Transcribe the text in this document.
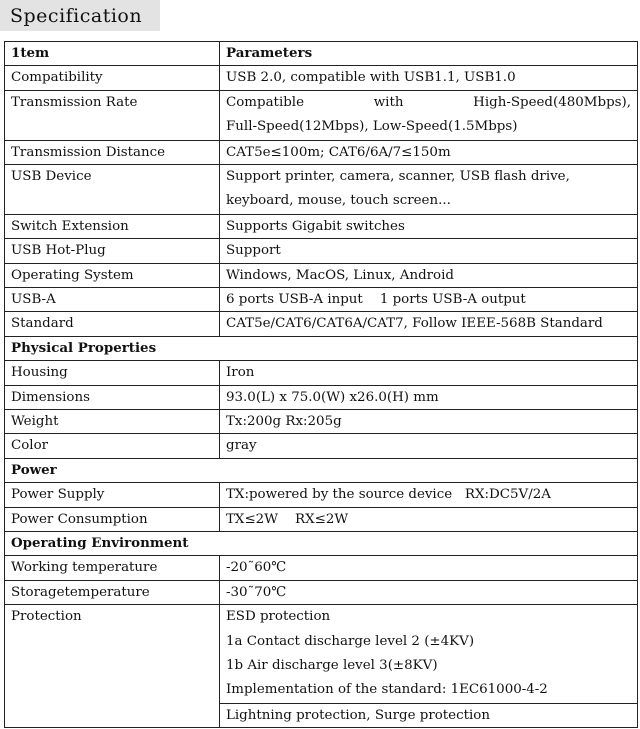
Specification
1tem	Parameters
Compatibility	USB 2.0, compatible with USB1.1, USB1.0
Transmission Rate	Compatible with High-Speed(480Mbps),
Full-Speed(12Mbps), Low-Speed(1.5Mbps)

Transmission Distance	CAT5e≤100m; CAT6/6A/7≤150m
USB Device	Support printer, camera, scanner, USB flash drive,
keyboard, mouse, touch screen...

Switch Extension	Supports Gigabit switches
USB Hot-Plug	Support
Operating System	Windows, MacOS, Linux, Android
USB-A	6 ports USB-A input    1 ports USB-A output
Standard	CAT5e/CAT6/CAT6A/CAT7, Follow IEEE-568B Standard
Physical Properties	
Housing	Iron
Dimensions	93.0(L) x 75.0(W) x26.0(H) mm
Weight	Tx:200g Rx:205g
Color	gray
Power	
Power Supply	TX:powered by the source device   RX:DC5V/2A
Power Consumption	TX≤2W    RX≤2W
Operating Environment	
Working temperature	-20˜60℃
Storagetemperature	-30˜70℃
Protection	ESD protection
1a Contact discharge level 2 (±4KV)
1b Air discharge level 3(±8KV)
Implementation of the standard: 1EC61000-4-2

	Lightning protection, Surge protection
